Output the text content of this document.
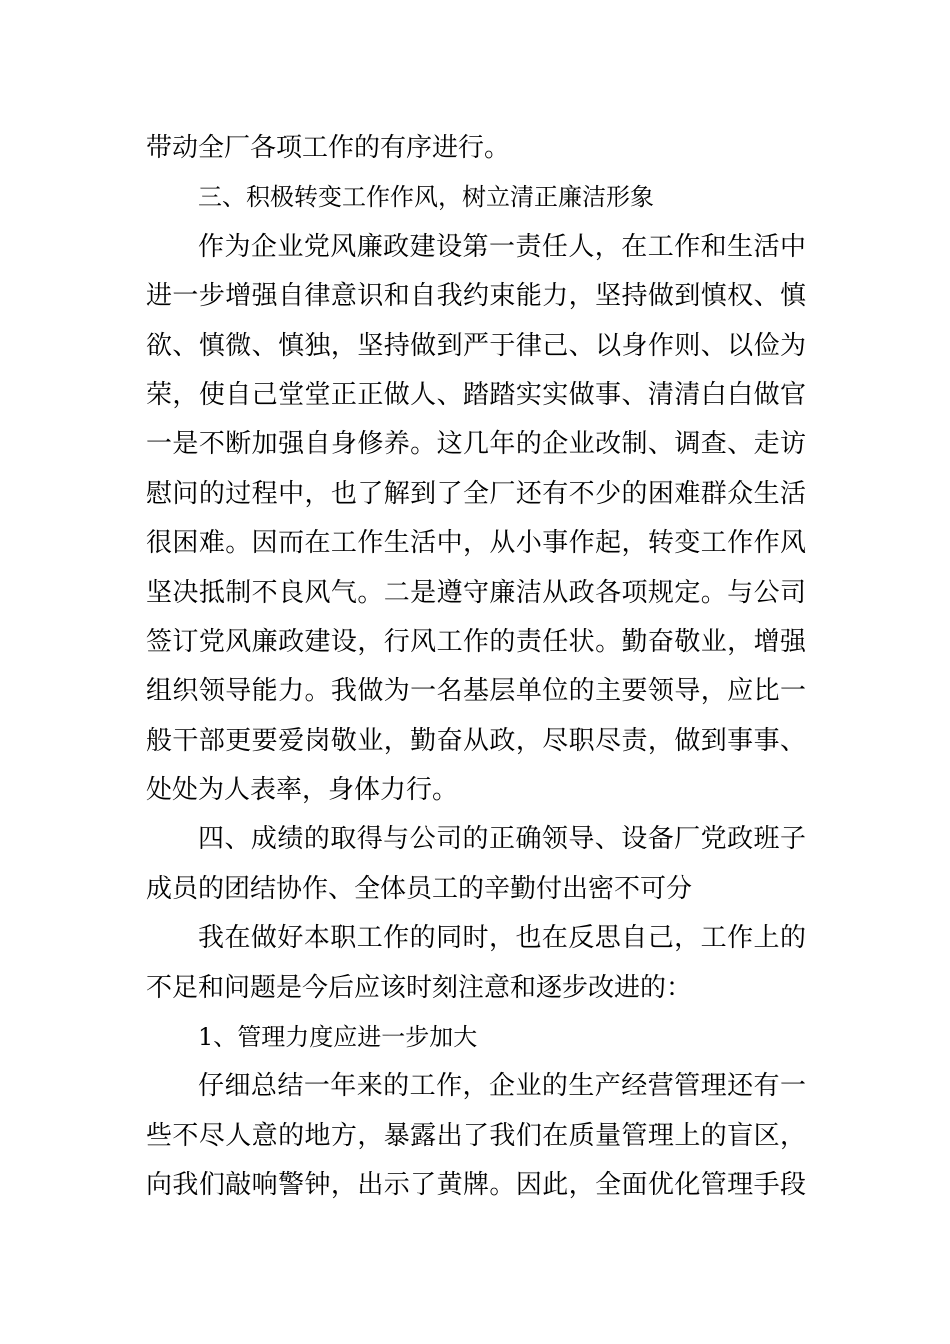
带动全厂各项工作的有序进行。
三、积极转变工作作风，树立清正廉洁形象
作为企业党风廉政建设第一责任人，在工作和生活中
进一步增强自律意识和自我约束能力，坚持做到慎权、慎
欲、慎微、慎独，坚持做到严于律己、以身作则、以俭为
荣，使自己堂堂正正做人、踏踏实实做事、清清白白做官
一是不断加强自身修养。这几年的企业改制、调查、走访
慰问的过程中，也了解到了全厂还有不少的困难群众生活
很困难。因而在工作生活中，从小事作起，转变工作作风
坚决抵制不良风气。二是遵守廉洁从政各项规定。与公司
签订党风廉政建设，行风工作的责任状。勤奋敬业，增强
组织领导能力。我做为一名基层单位的主要领导，应比一
般干部更要爱岗敬业，勤奋从政，尽职尽责，做到事事、
处处为人表率，身体力行。
四、成绩的取得与公司的正确领导、设备厂党政班子
成员的团结协作、全体员工的辛勤付出密不可分
我在做好本职工作的同时，也在反思自己，工作上的
不足和问题是今后应该时刻注意和逐步改进的：
1、管理力度应进一步加大
仔细总结一年来的工作，企业的生产经营管理还有一
些不尽人意的地方，暴露出了我们在质量管理上的盲区，
向我们敲响警钟，出示了黄牌。因此，全面优化管理手段
